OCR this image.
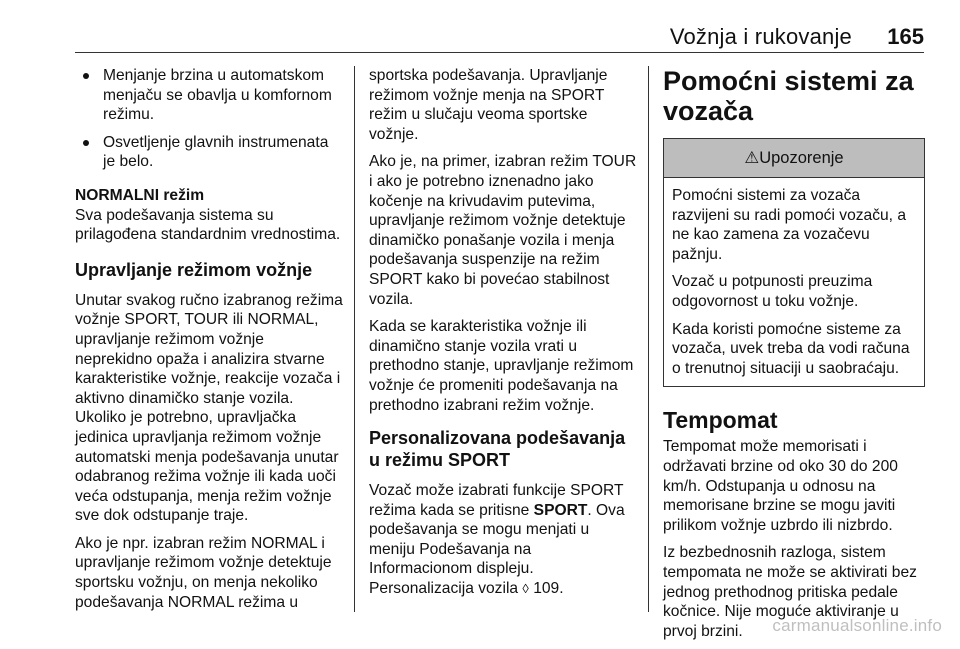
Vožnja i rukovanje 165
Menjanje brzina u automatskom menjaču se obavlja u komfornom režimu.
Osvetljenje glavnih instrumenata je belo.

NORMALNI režim
Sva podešavanja sistema su prilagođena standardnim vrednostima.

Upravljanje režimom vožnje

Unutar svakog ručno izabranog režima vožnje SPORT, TOUR ili NORMAL, upravljanje režimom vožnje neprekidno opaža i analizira stvarne karakteristike vožnje, reakcije vozača i aktivno dinamičko stanje vozila. Ukoliko je potrebno, upravljačka jedinica upravljanja režimom vožnje automatski menja podešavanja unutar odabranog režima vožnje ili kada uoči veća odstupanja, menja režim vožnje sve dok odstupanje traje.

Ako je npr. izabran režim NORMAL i upravljanje režimom vožnje detektuje sportsku vožnju, on menja nekoliko podešavanja NORMAL režima u

sportska podešavanja. Upravljanje režimom vožnje menja na SPORT režim u slučaju veoma sportske vožnje.

Ako je, na primer, izabran režim TOUR i ako je potrebno iznenadno jako kočenje na krivudavim putevima, upravljanje režimom vožnje detektuje dinamičko ponašanje vozila i menja podešavanja suspenzije na režim SPORT kako bi povećao stabilnost vozila.

Kada se karakteristika vožnje ili dinamično stanje vozila vrati u prethodno stanje, upravljanje režimom vožnje će promeniti podešavanja na prethodno izabrani režim vožnje.

Personalizovana podešavanja u režimu SPORT

Vozač može izabrati funkcije SPORT režima kada se pritisne SPORT. Ova podešavanja se mogu menjati u meniju Podešavanja na Informacionom displeju.

Personalizacija vozila ◊ 109.

Pomoćni sistemi za vozača
⚠Upozorenje

Pomoćni sistemi za vozača razvijeni su radi pomoći vozaču, a ne kao zamena za vozačevu pažnju.

Vozač u potpunosti preuzima odgovornost u toku vožnje.

Kada koristi pomoćne sisteme za vozača, uvek treba da vodi računa o trenutnoj situaciji u saobraćaju.

Tempomat

Tempomat može memorisati i održavati brzine od oko 30 do 200 km/h. Odstupanja u odnosu na memorisane brzine se mogu javiti prilikom vožnje uzbrdo ili nizbrdo.

Iz bezbednosnih razloga, sistem tempomata ne može se aktivirati bez jednog prethodnog pritiska pedale kočnice. Nije moguće aktiviranje u prvoj brzini.	carmanualsonline.info
